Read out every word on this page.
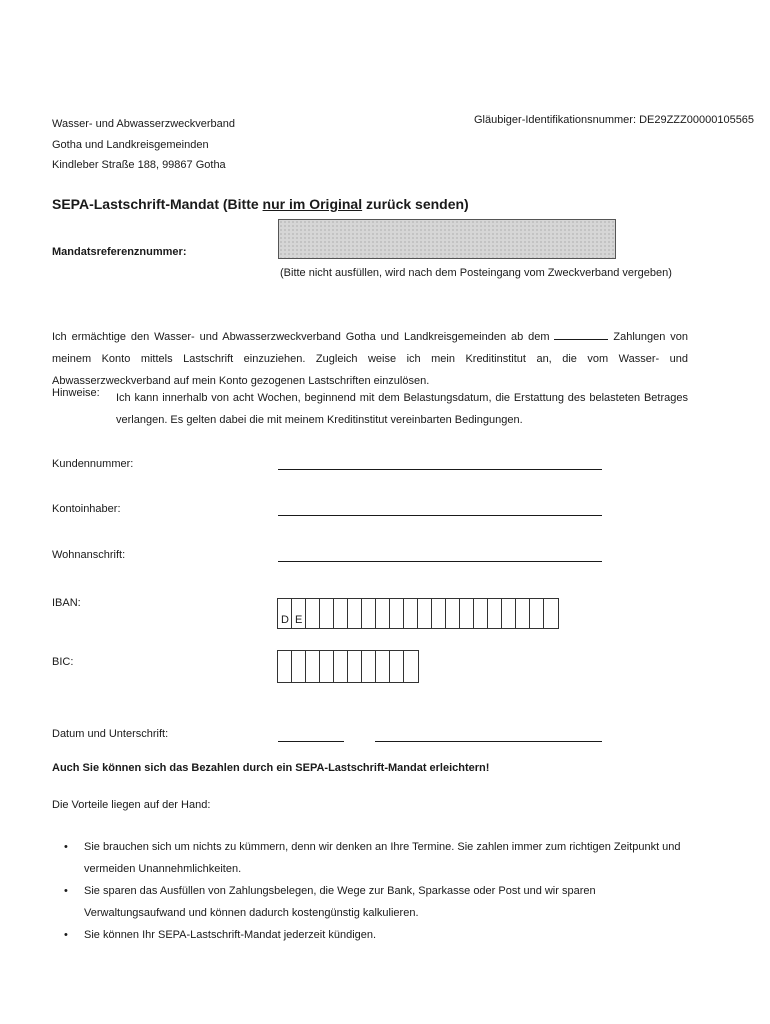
Wasser- und Abwasserzweckverband
Gotha und Landkreisgemeinden
Kindleber Straße 188, 99867 Gotha
Gläubiger-Identifikationsnummer: DE29ZZZ00000105565
SEPA-Lastschrift-Mandat (Bitte nur im Original zurück senden)
Mandatsreferenznummer:
(Bitte nicht ausfüllen, wird nach dem Posteingang vom Zweckverband vergeben)
Ich ermächtige den Wasser- und Abwasserzweckverband Gotha und Landkreisgemeinden ab dem	Zahlungen von meinem Konto mittels Lastschrift einzuziehen. Zugleich weise ich mein Kreditinstitut an, die vom Wasser- und Abwasserzweckverband auf mein Konto gezogenen Lastschriften einzulösen.
Hinweise: Ich kann innerhalb von acht Wochen, beginnend mit dem Belastungsdatum, die Erstattung des belasteten Betrages verlangen. Es gelten dabei die mit meinem Kreditinstitut vereinbarten Bedingungen.
Kundennummer:
Kontoinhaber:
Wohnanschrift:
IBAN:
D E
BIC:
Datum und Unterschrift:
Auch Sie können sich das Bezahlen durch ein SEPA-Lastschrift-Mandat erleichtern!
Die Vorteile liegen auf der Hand:
• Sie brauchen sich um nichts zu kümmern, denn wir denken an Ihre Termine. Sie zahlen immer zum richtigen Zeitpunkt und vermeiden Unannehmlichkeiten.
• Sie sparen das Ausfüllen von Zahlungsbelegen, die Wege zur Bank, Sparkasse oder Post und wir sparen Verwaltungsaufwand und können dadurch kostengünstig kalkulieren.
• Sie können Ihr SEPA-Lastschrift-Mandat jederzeit kündigen.
